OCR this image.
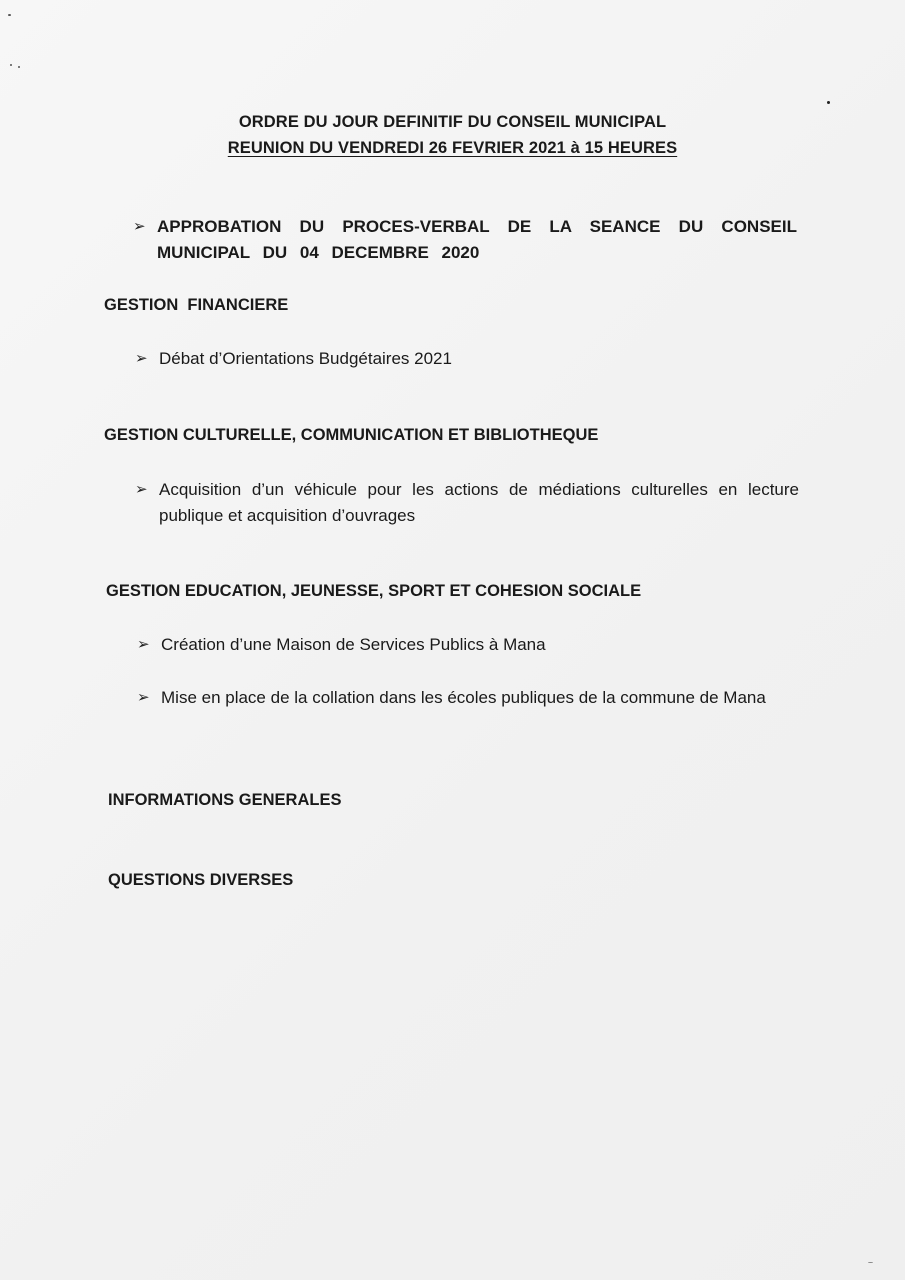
ORDRE DU JOUR DEFINITIF DU CONSEIL MUNICIPAL
REUNION DU VENDREDI 26 FEVRIER 2021 à 15 HEURES
➢ APPROBATION DU PROCES-VERBAL DE LA SEANCE DU CONSEIL MUNICIPAL DU 04 DECEMBRE 2020
GESTION  FINANCIERE
➢ Débat d’Orientations Budgétaires 2021
GESTION CULTURELLE, COMMUNICATION ET BIBLIOTHEQUE
➢ Acquisition d’un véhicule pour les actions de médiations culturelles en lecture publique et acquisition d’ouvrages
GESTION EDUCATION, JEUNESSE, SPORT ET COHESION SOCIALE
➢ Création d’une Maison de Services Publics à Mana
➢ Mise en place de la collation dans les écoles publiques de la commune de Mana
INFORMATIONS GENERALES
QUESTIONS DIVERSES
